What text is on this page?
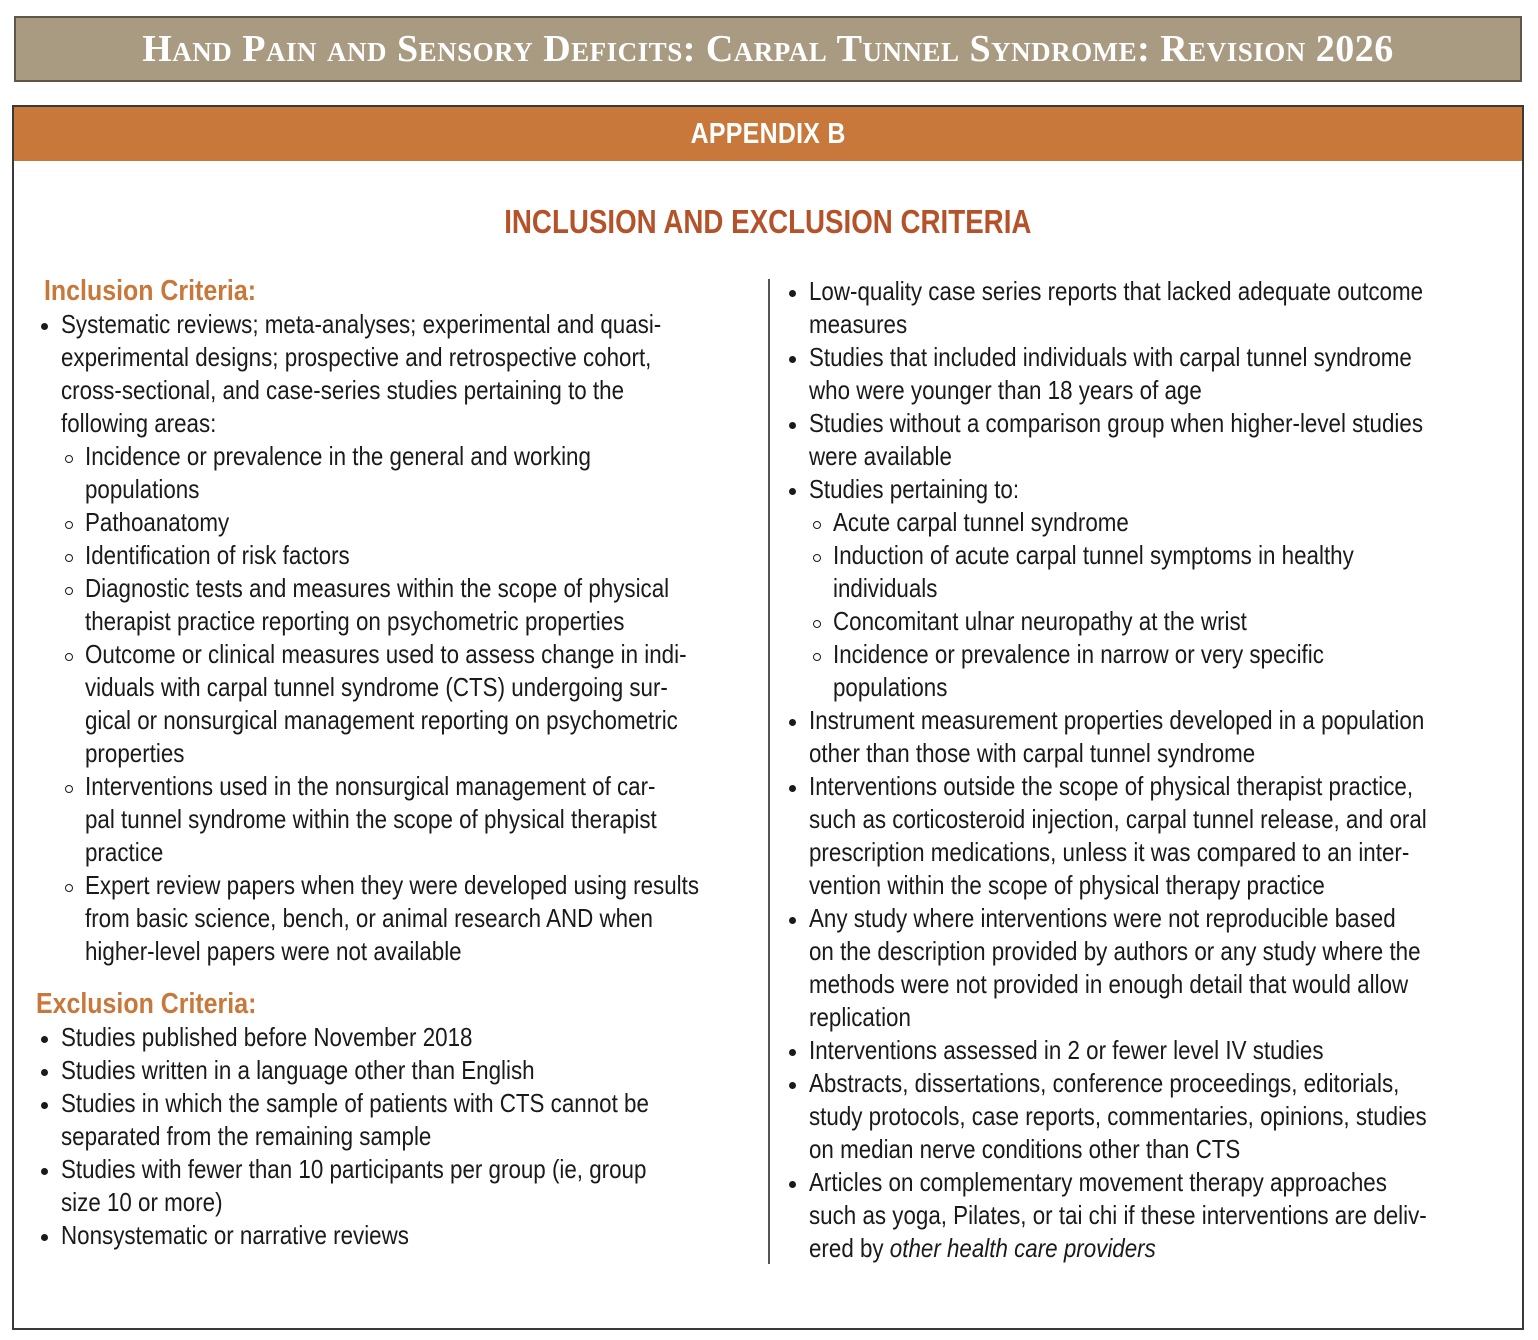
Hand Pain and Sensory Deficits: Carpal Tunnel Syndrome: Revision 2026
APPENDIX B
INCLUSION AND EXCLUSION CRITERIA
Inclusion Criteria:
Systematic reviews; meta-analyses; experimental and quasi-
experimental designs; prospective and retrospective cohort,
cross-sectional, and case-series studies pertaining to the
following areas:
Incidence or prevalence in the general and working
populations
Pathoanatomy
Identification of risk factors
Diagnostic tests and measures within the scope of physical
therapist practice reporting on psychometric properties
Outcome or clinical measures used to assess change in indi-
viduals with carpal tunnel syndrome (CTS) undergoing sur-
gical or nonsurgical management reporting on psychometric
properties
Interventions used in the nonsurgical management of car-
pal tunnel syndrome within the scope of physical therapist
practice
Expert review papers when they were developed using results
from basic science, bench, or animal research AND when
higher-level papers were not available
Exclusion Criteria:
Studies published before November 2018
Studies written in a language other than English
Studies in which the sample of patients with CTS cannot be
separated from the remaining sample
Studies with fewer than 10 participants per group (ie, group
size 10 or more)
Nonsystematic or narrative reviews
Low-quality case series reports that lacked adequate outcome
measures
Studies that included individuals with carpal tunnel syndrome
who were younger than 18 years of age
Studies without a comparison group when higher-level studies
were available
Studies pertaining to:
Acute carpal tunnel syndrome
Induction of acute carpal tunnel symptoms in healthy
individuals
Concomitant ulnar neuropathy at the wrist
Incidence or prevalence in narrow or very specific
populations
Instrument measurement properties developed in a population
other than those with carpal tunnel syndrome
Interventions outside the scope of physical therapist practice,
such as corticosteroid injection, carpal tunnel release, and oral
prescription medications, unless it was compared to an inter-
vention within the scope of physical therapy practice
Any study where interventions were not reproducible based
on the description provided by authors or any study where the
methods were not provided in enough detail that would allow
replication
Interventions assessed in 2 or fewer level IV studies
Abstracts, dissertations, conference proceedings, editorials,
study protocols, case reports, commentaries, opinions, studies
on median nerve conditions other than CTS
Articles on complementary movement therapy approaches
such as yoga, Pilates, or tai chi if these interventions are deliv-
ered by other health care providers
